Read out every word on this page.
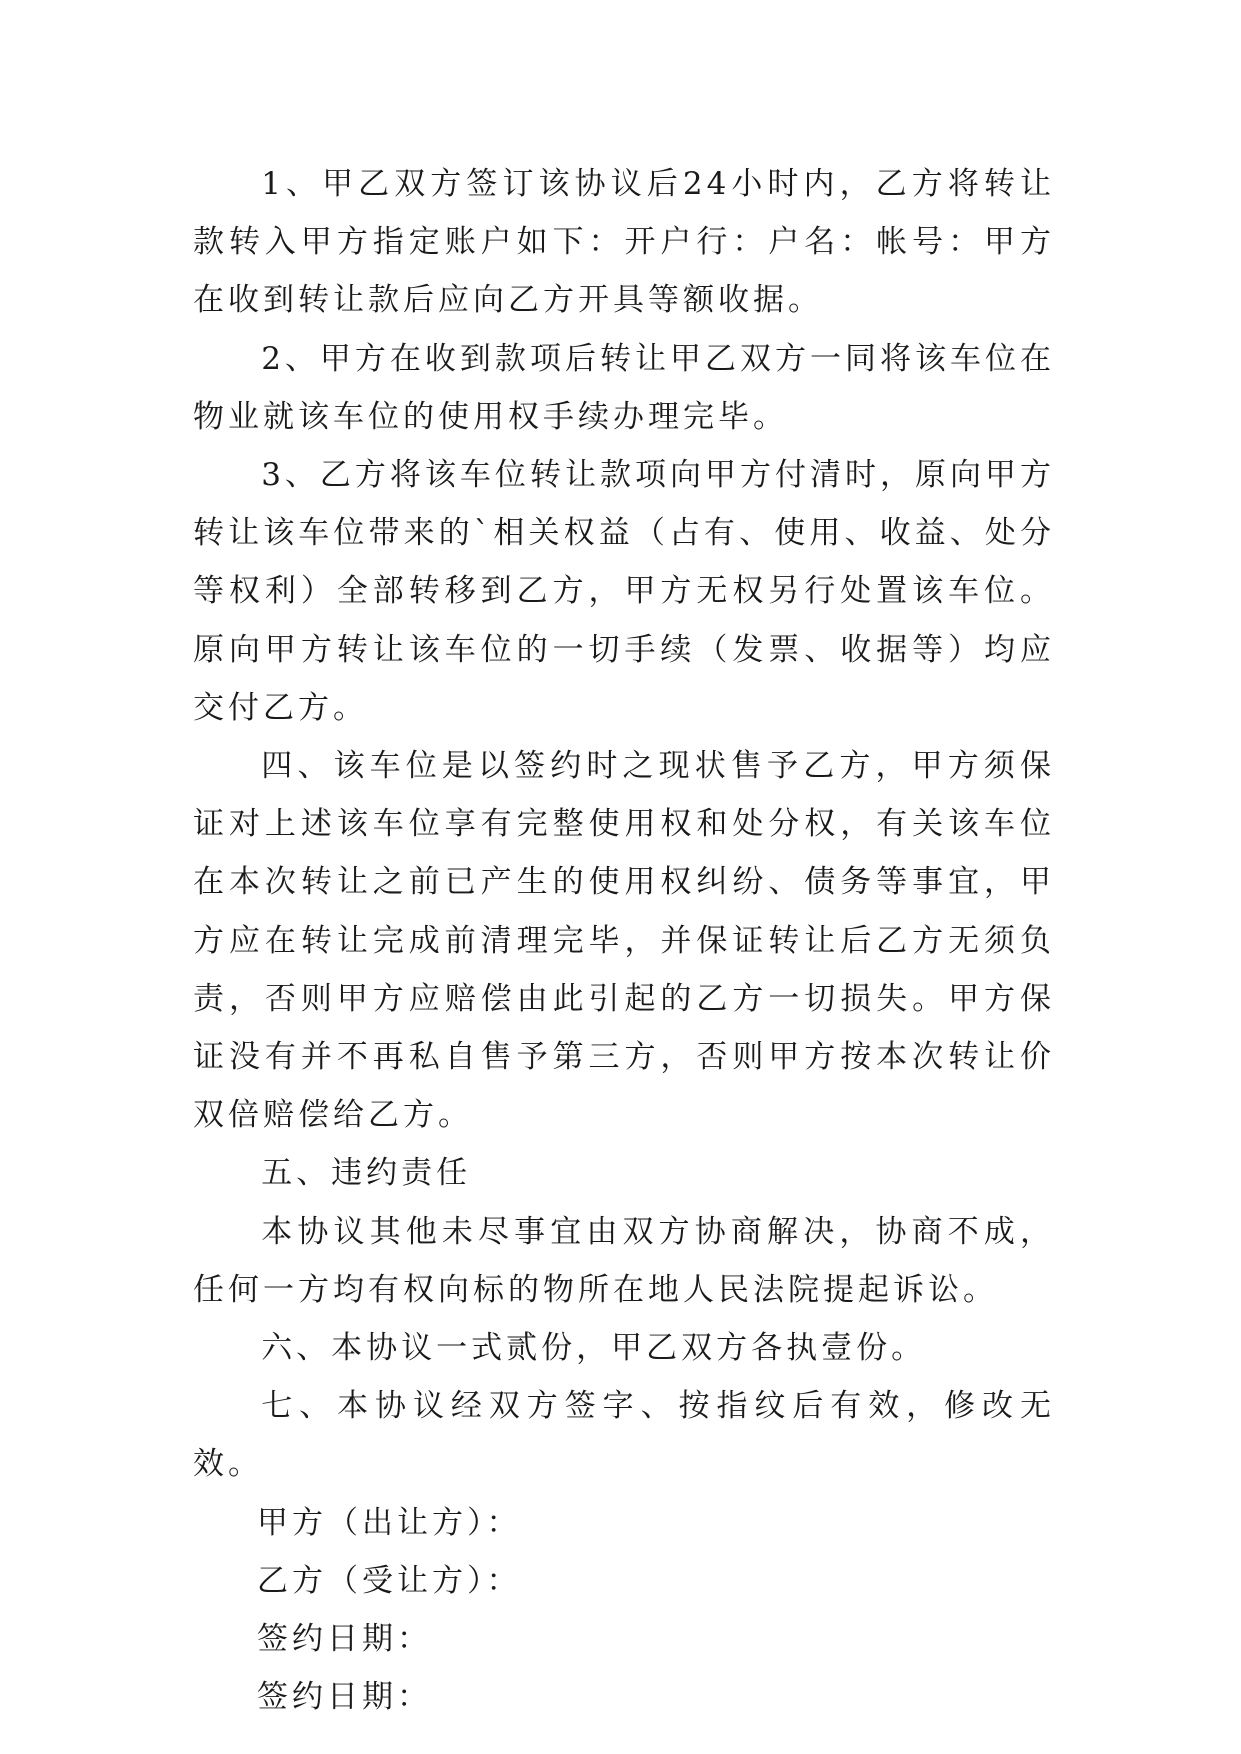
1、甲乙双方签订该协议后24小时内，乙方将转让款转入甲方指定账户如下：开户行：户名：帐号：甲方在收到转让款后应向乙方开具等额收据。

2、甲方在收到款项后转让甲乙双方一同将该车位在物业就该车位的使用权手续办理完毕。

3、乙方将该车位转让款项向甲方付清时，原向甲方转让该车位带来的`相关权益（占有、使用、收益、处分等权利）全部转移到乙方，甲方无权另行处置该车位。原向甲方转让该车位的一切手续（发票、收据等）均应交付乙方。

四、该车位是以签约时之现状售予乙方，甲方须保证对上述该车位享有完整使用权和处分权，有关该车位在本次转让之前已产生的使用权纠纷、债务等事宜，甲方应在转让完成前清理完毕，并保证转让后乙方无须负责，否则甲方应赔偿由此引起的乙方一切损失。甲方保证没有并不再私自售予第三方，否则甲方按本次转让价双倍赔偿给乙方。

五、违约责任

本协议其他未尽事宜由双方协商解决，协商不成，任何一方均有权向标的物所在地人民法院提起诉讼。

六、本协议一式贰份，甲乙双方各执壹份。

七、本协议经双方签字、按指纹后有效，修改无效。

甲方（出让方）：

乙方（受让方）：

签约日期：

签约日期：
